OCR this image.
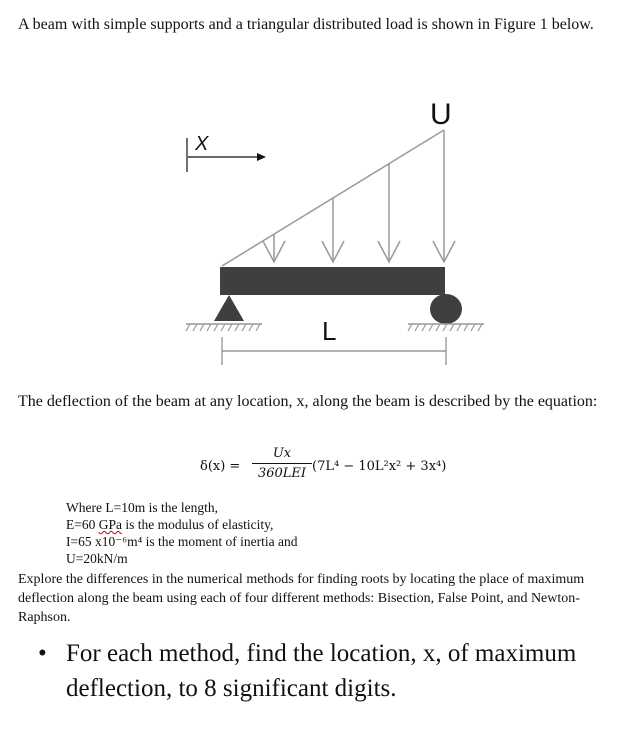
A beam with simple supports and a triangular distributed load is shown in Figure 1 below.
X
U
L
The deflection of the beam at any location, x, along the beam is described by the equation:
δ(x) =
Ux
360LEI (7L⁴ − 10L²x² + 3x⁴)
Where L=10m is the length,
E=60 GPa is the modulus of elasticity,
I=65 x10⁻⁶m⁴ is the moment of inertia and
U=20kN/m
Explore the differences in the numerical methods for finding roots by locating the place of maximum deflection along the beam using each of four different methods: Bisection, False Point, and Newton-Raphson.
• For each method, find the location, x, of maximum deflection, to 8 significant digits.
